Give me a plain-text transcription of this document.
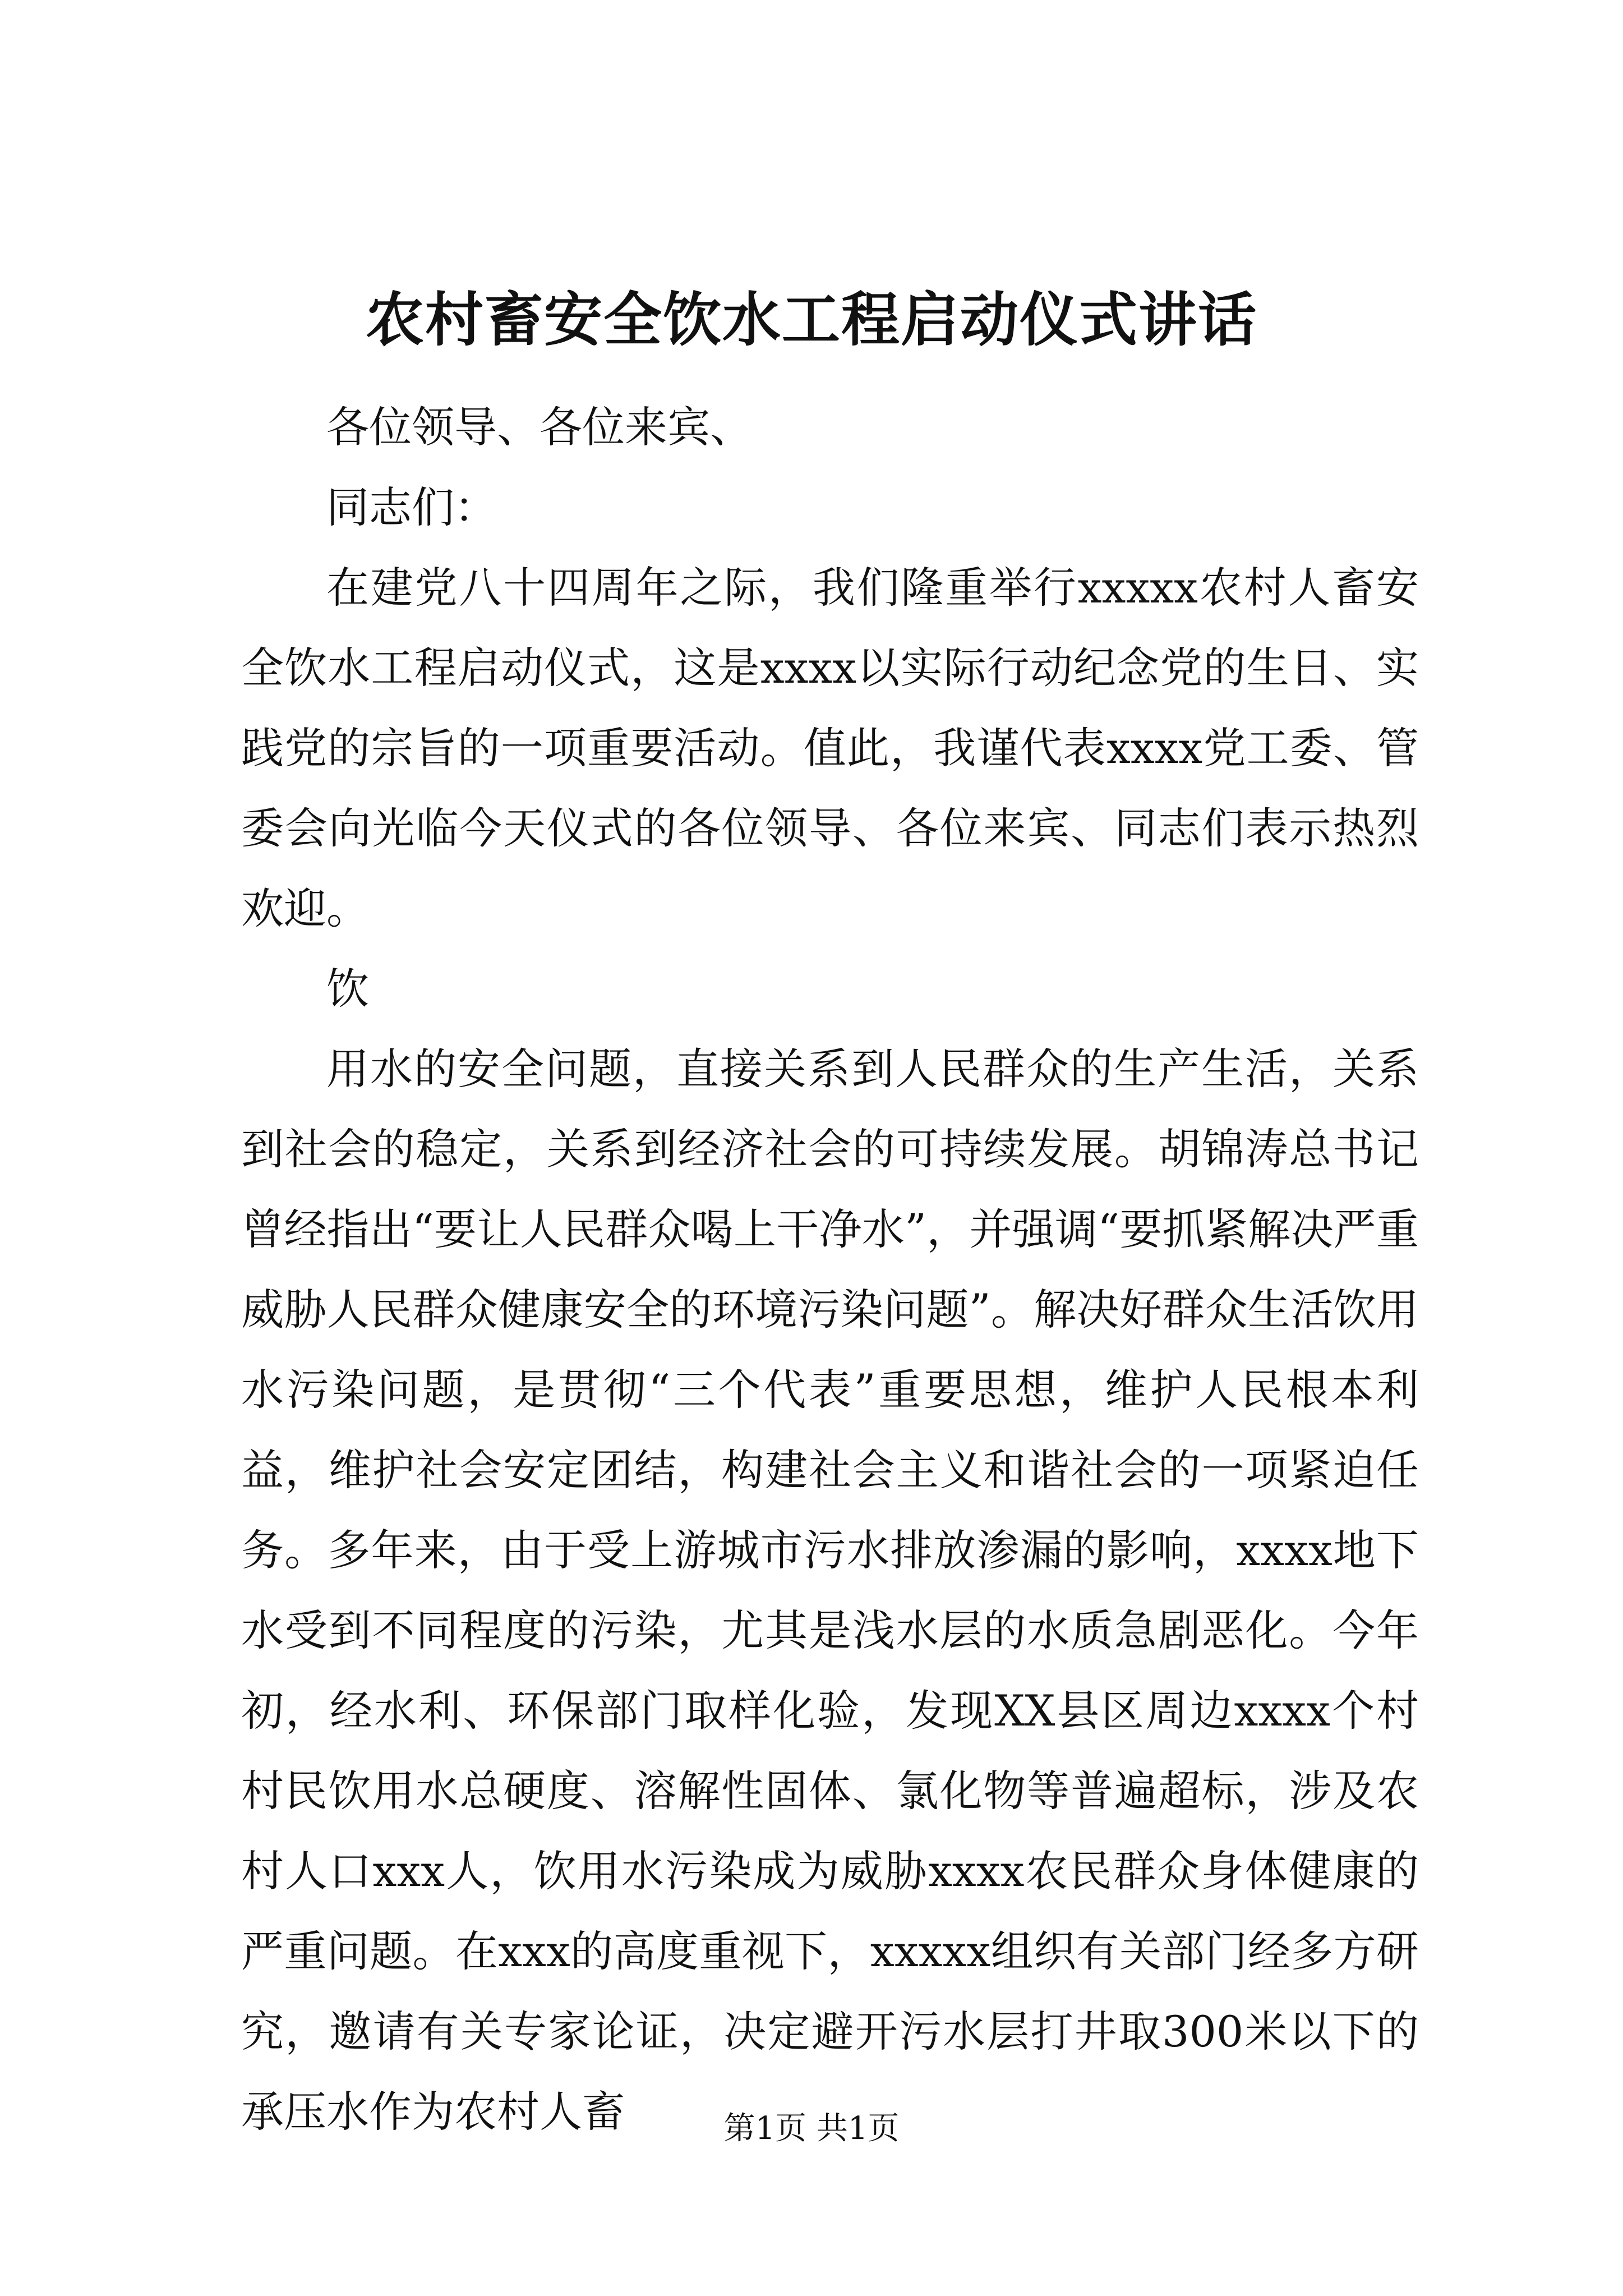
农村畜安全饮水工程启动仪式讲话

各位领导、各位来宾、

同志们：

在建党八十四周年之际，我们隆重举行xxxxx农村人畜安全饮水工程启动仪式，这是xxxx以实际行动纪念党的生日、实践党的宗旨的一项重要活动。值此，我谨代表xxxx党工委、管委会向光临今天仪式的各位领导、各位来宾、同志们表示热烈欢迎。

饮

用水的安全问题，直接关系到人民群众的生产生活，关系到社会的稳定，关系到经济社会的可持续发展。胡锦涛总书记曾经指出“要让人民群众喝上干净水”，并强调“要抓紧解决严重威胁人民群众健康安全的环境污染问题”。解决好群众生活饮用水污染问题，是贯彻“三个代表”重要思想，维护人民根本利益，维护社会安定团结，构建社会主义和谐社会的一项紧迫任务。多年来，由于受上游城市污水排放渗漏的影响，xxxx地下水受到不同程度的污染，尤其是浅水层的水质急剧恶化。今年初，经水利、环保部门取样化验，发现XX县区周边xxxx个村村民饮用水总硬度、溶解性固体、氯化物等普遍超标，涉及农村人口xxx人，饮用水污染成为威胁xxxx农民群众身体健康的严重问题。在xxx的高度重视下，xxxxx组织有关部门经多方研究，邀请有关专家论证，决定避开污水层打井取300米以下的承压水作为农村人畜	第1页 共1页
